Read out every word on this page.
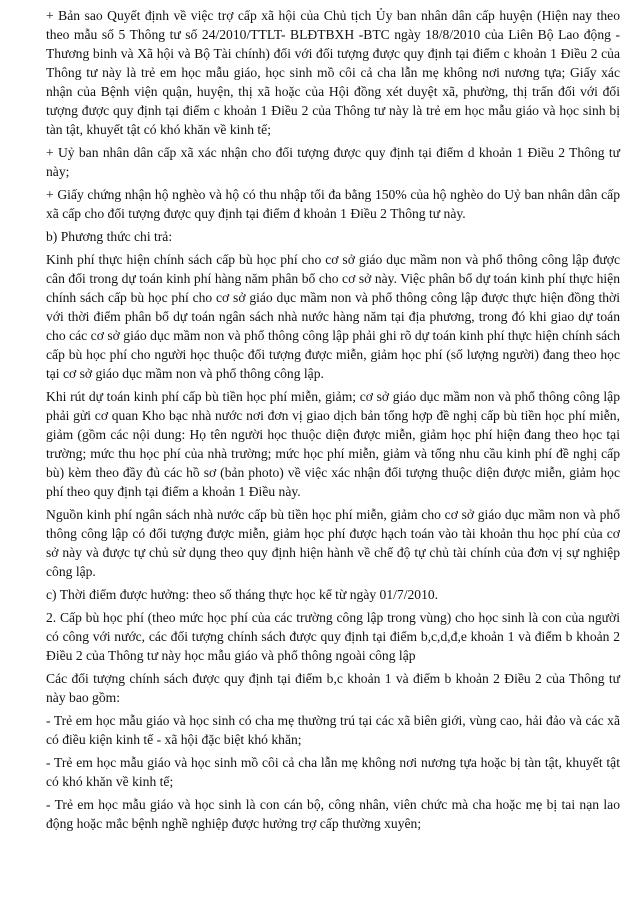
+ Bản sao Quyết định về việc trợ cấp xã hội của Chủ tịch Ủy ban nhân dân cấp huyện (Hiện nay theo theo mẫu số 5 Thông tư số 24/2010/TTLT- BLĐTBXH -BTC ngày 18/8/2010 của Liên Bộ Lao động - Thương binh và Xã hội và Bộ Tài chính) đối với đối tượng được quy định tại điểm c khoản 1 Điều 2 của Thông tư này là trẻ em học mẫu giáo, học sinh mồ côi cả cha lẫn mẹ không nơi nương tựa; Giấy xác nhận của Bệnh viện quận, huyện, thị xã hoặc của Hội đồng xét duyệt xã, phường, thị trấn đối với đối tượng được quy định tại điểm c khoản 1 Điều 2 của Thông tư này là trẻ em học mẫu giáo và học sinh bị tàn tật, khuyết tật có khó khăn về kinh tế;

+ Uỷ ban nhân dân cấp xã xác nhận cho đối tượng được quy định tại điểm d khoản 1 Điều 2 Thông tư này;

+ Giấy chứng nhận hộ nghèo và hộ có thu nhập tối đa bằng 150% của hộ nghèo do Uỷ ban nhân dân cấp xã cấp cho đối tượng được quy định tại điểm đ khoản 1 Điều 2 Thông tư này.

b) Phương thức chi trả:

Kinh phí thực hiện chính sách cấp bù học phí cho cơ sở giáo dục mầm non và phổ thông công lập được cân đối trong dự toán kinh phí hàng năm phân bổ cho cơ sở này. Việc phân bổ dự toán kinh phí thực hiện chính sách cấp bù học phí cho cơ sở giáo dục mầm non và phổ thông công lập được thực hiện đồng thời với thời điểm phân bổ dự toán ngân sách nhà nước hàng năm tại địa phương, trong đó khi giao dự toán cho các cơ sở giáo dục mầm non và phổ thông công lập phải ghi rõ dự toán kinh phí thực hiện chính sách cấp bù học phí cho người học thuộc đối tượng được miễn, giảm học phí (số lượng người) đang theo học tại cơ sở giáo dục mầm non và phổ thông công lập.

Khi rút dự toán kinh phí cấp bù tiền học phí miễn, giảm; cơ sở giáo dục mầm non và phổ thông công lập phải gửi cơ quan Kho bạc nhà nước nơi đơn vị giao dịch bản tổng hợp đề nghị cấp bù tiền học phí miễn, giảm (gồm các nội dung: Họ tên người học thuộc diện được miễn, giảm học phí hiện đang theo học tại trường; mức thu học phí của nhà trường; mức học phí miễn, giảm và tổng nhu cầu kinh phí đề nghị cấp bù) kèm theo đầy đủ các hồ sơ (bản photo) về việc xác nhận đối tượng thuộc diện được miễn, giảm học phí theo quy định tại điểm a khoản 1 Điều này.

Nguồn kinh phí ngân sách nhà nước cấp bù tiền học phí miễn, giảm cho cơ sở giáo dục mầm non và phổ thông công lập có đối tượng được miễn, giảm học phí được hạch toán vào tài khoản thu học phí của cơ sở này và được tự chủ sử dụng theo quy định hiện hành về chế độ tự chủ tài chính của đơn vị sự nghiệp công lập.

c) Thời điểm được hưởng: theo số tháng thực học kể từ ngày 01/7/2010.

2. Cấp bù học phí (theo mức học phí của các trường công lập trong vùng) cho học sinh là con của người có công với nước, các đối tượng chính sách được quy định tại điểm b,c,d,đ,e khoản 1 và điểm b khoản 2 Điều 2 của Thông tư này học mẫu giáo và phổ thông ngoài công lập

Các đối tượng chính sách được quy định tại điểm b,c khoản 1 và điểm b khoản 2 Điều 2 của Thông tư này bao gồm:

- Trẻ em học mẫu giáo và học sinh có cha mẹ thường trú tại các xã biên giới, vùng cao, hải đảo và các xã có điều kiện kinh tế - xã hội đặc biệt khó khăn;

- Trẻ em học mẫu giáo và học sinh mồ côi cả cha lẫn mẹ không nơi nương tựa hoặc bị tàn tật, khuyết tật có khó khăn về kinh tế;

- Trẻ em học mẫu giáo và học sinh là con cán bộ, công nhân, viên chức mà cha hoặc mẹ bị tai nạn lao động hoặc mắc bệnh nghề nghiệp được hưởng trợ cấp thường xuyên;
